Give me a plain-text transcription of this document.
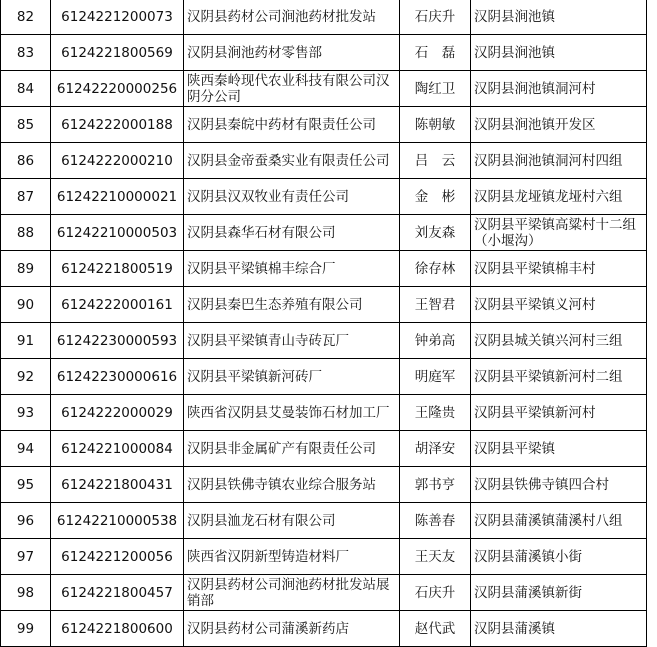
82	6124221200073	汉阴县药材公司涧池药材批发站	石庆升	汉阴县涧池镇
83	6124221800569	汉阴县涧池药材零售部	石　磊	汉阴县涧池镇
84	61242220000256	陕西秦岭现代农业科技有限公司汉阴分公司	陶红卫	汉阴县涧池镇洞河村
85	6124222000188	汉阴县秦皖中药材有限责任公司	陈朝敏	汉阴县涧池镇开发区
86	6124222000210	汉阴县金帝蚕桑实业有限责任公司	吕　云	汉阴县涧池镇洞河村四组
87	61242210000021	汉阴县汉双牧业有责任公司	金　彬	汉阴县龙垭镇龙垭村六组
88	61242210000503	汉阴县森华石材有限公司	刘友森	汉阴县平梁镇高粱村十二组（小堰沟）
89	6124221800519	汉阴县平梁镇棉丰综合厂	徐存林	汉阴县平梁镇棉丰村
90	6124222000161	汉阴县秦巴生态养殖有限公司	王智君	汉阴县平梁镇义河村
91	61242230000593	汉阴县平梁镇青山寺砖瓦厂	钟弟高	汉阴县城关镇兴河村三组
92	61242230000616	汉阴县平梁镇新河砖厂	明庭军	汉阴县平梁镇新河村二组
93	6124222000029	陕西省汉阴县艾曼装饰石材加工厂	王隆贵	汉阴县平梁镇新河村
94	6124221000084	汉阴县非金属矿产有限责任公司	胡泽安	汉阴县平梁镇
95	6124221800431	汉阴县铁佛寺镇农业综合服务站	郭书亨	汉阴县铁佛寺镇四合村
96	61242210000538	汉阴县洫龙石材有限公司	陈善春	汉阴县蒲溪镇蒲溪村八组
97	6124221200056	陕西省汉阴新型铸造材料厂	王天友	汉阴县蒲溪镇小街
98	6124221800457	汉阴县药材公司涧池药材批发站展销部	石庆升	汉阴县蒲溪镇新街
99	6124221800600	汉阴县药材公司蒲溪新药店	赵代武	汉阴县蒲溪镇
